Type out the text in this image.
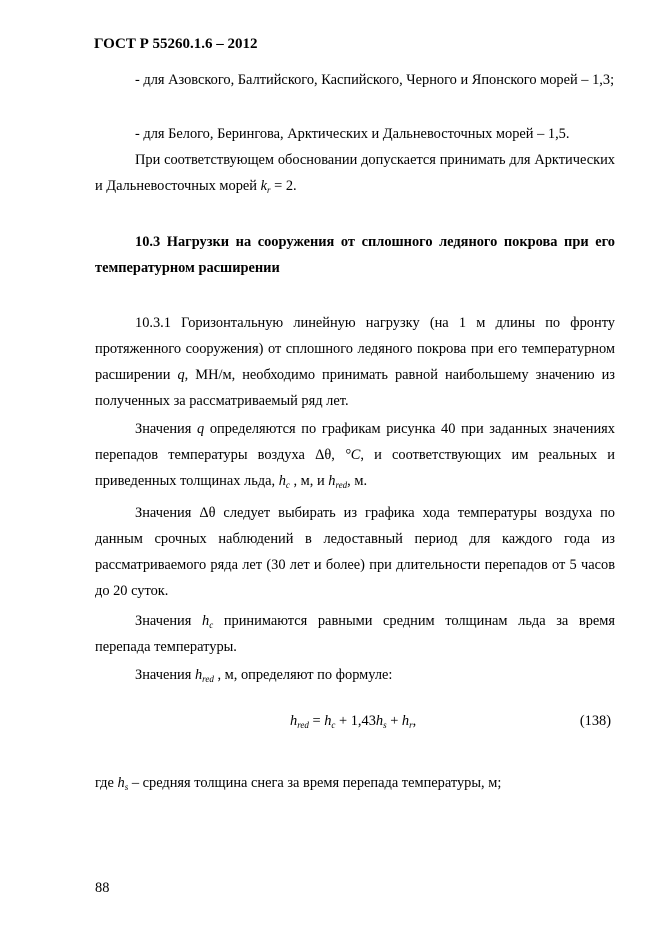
ГОСТ Р 55260.1.6 – 2012
- для Азовского, Балтийского, Каспийского, Черного и Японского морей – 1,3;
- для Белого, Берингова, Арктических и Дальневосточных морей – 1,5.
При соответствующем обосновании допускается принимать для Арктических и Дальневосточных морей $k_r = 2$.
10.3 Нагрузки на сооружения от сплошного ледяного покрова при его температурном расширении
10.3.1 Горизонтальную линейную нагрузку (на 1 м длины по фронту протяженного сооружения) от сплошного ледяного покрова при его температурном расширении q, МН/м, необходимо принимать равной наибольшему значению из полученных за рассматриваемый ряд лет.
Значения q определяются по графикам рисунка 40 при заданных значениях перепадов температуры воздуха Δθ, °C, и соответствующих им реальных и приведенных толщинах льда, $h_c$ , м, и $h_{red}$, м.
Значения Δθ следует выбирать из графика хода температуры воздуха по данным срочных наблюдений в ледоставный период для каждого года из рассматриваемого ряда лет (30 лет и более) при длительности перепадов от 5 часов до 20 суток.
Значения $h_c$ принимаются равными средним толщинам льда за время перепада температуры.
Значения $h_{red}$ , м, определяют по формуле:
$h_{red} = h_c + 1,43h_s + h_r$,	(138)
где $h_s$ – средняя толщина снега за время перепада температуры, м;
88
